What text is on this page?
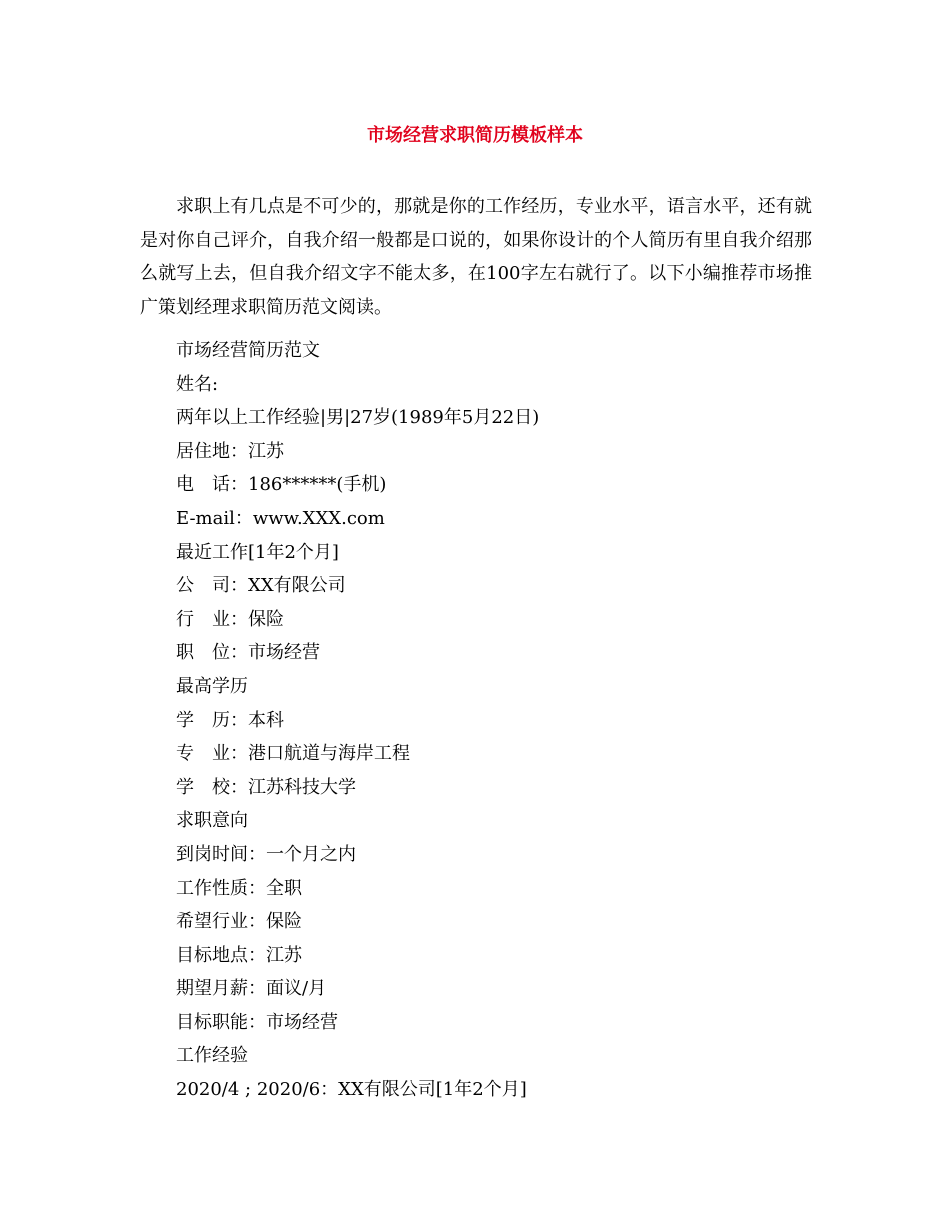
市场经营求职简历模板样本

求职上有几点是不可少的，那就是你的工作经历，专业水平，语言水平，还有就是对你自己评介，自我介绍一般都是口说的，如果你设计的个人简历有里自我介绍那么就写上去，但自我介绍文字不能太多，在100字左右就行了。以下小编推荐市场推广策划经理求职简历范文阅读。

市场经营简历范文
姓名:
两年以上工作经验|男|27岁(1989年5月22日)
居住地：江苏
电　话：186******(手机)
E-mail：www.XXX.com
最近工作[1年2个月]
公　司：XX有限公司
行　业：保险
职　位：市场经营
最高学历
学　历：本科
专　业：港口航道与海岸工程
学　校：江苏科技大学
求职意向
到岗时间：一个月之内
工作性质：全职
希望行业：保险
目标地点：江苏
期望月薪：面议/月
目标职能：市场经营
工作经验
2020/4 ; 2020/6：XX有限公司[1年2个月]
